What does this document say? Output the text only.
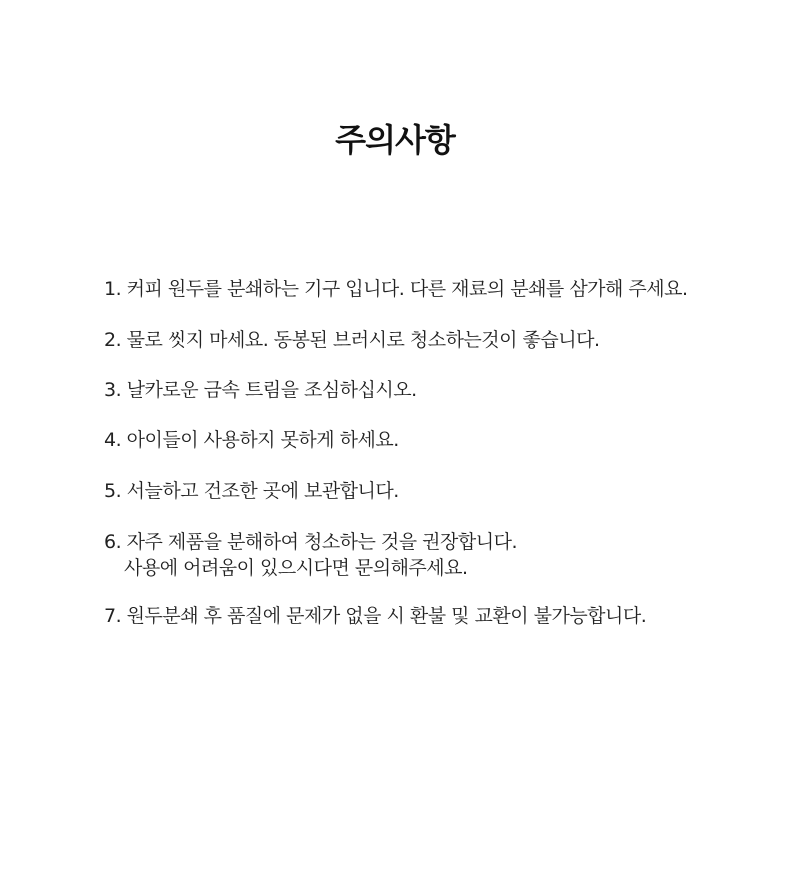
주의사항
1. 커피 원두를 분쇄하는 기구 입니다. 다른 재료의 분쇄를 삼가해 주세요.
2. 물로 씻지 마세요. 동봉된 브러시로 청소하는것이 좋습니다.
3. 날카로운 금속 트림을 조심하십시오.
4. 아이들이 사용하지 못하게 하세요.
5. 서늘하고 건조한 곳에 보관합니다.
6. 자주 제품을 분해하여 청소하는 것을 권장합니다.
사용에 어려움이 있으시다면 문의해주세요.
7. 원두분쇄 후 품질에 문제가 없을 시 환불 및 교환이 불가능합니다.
